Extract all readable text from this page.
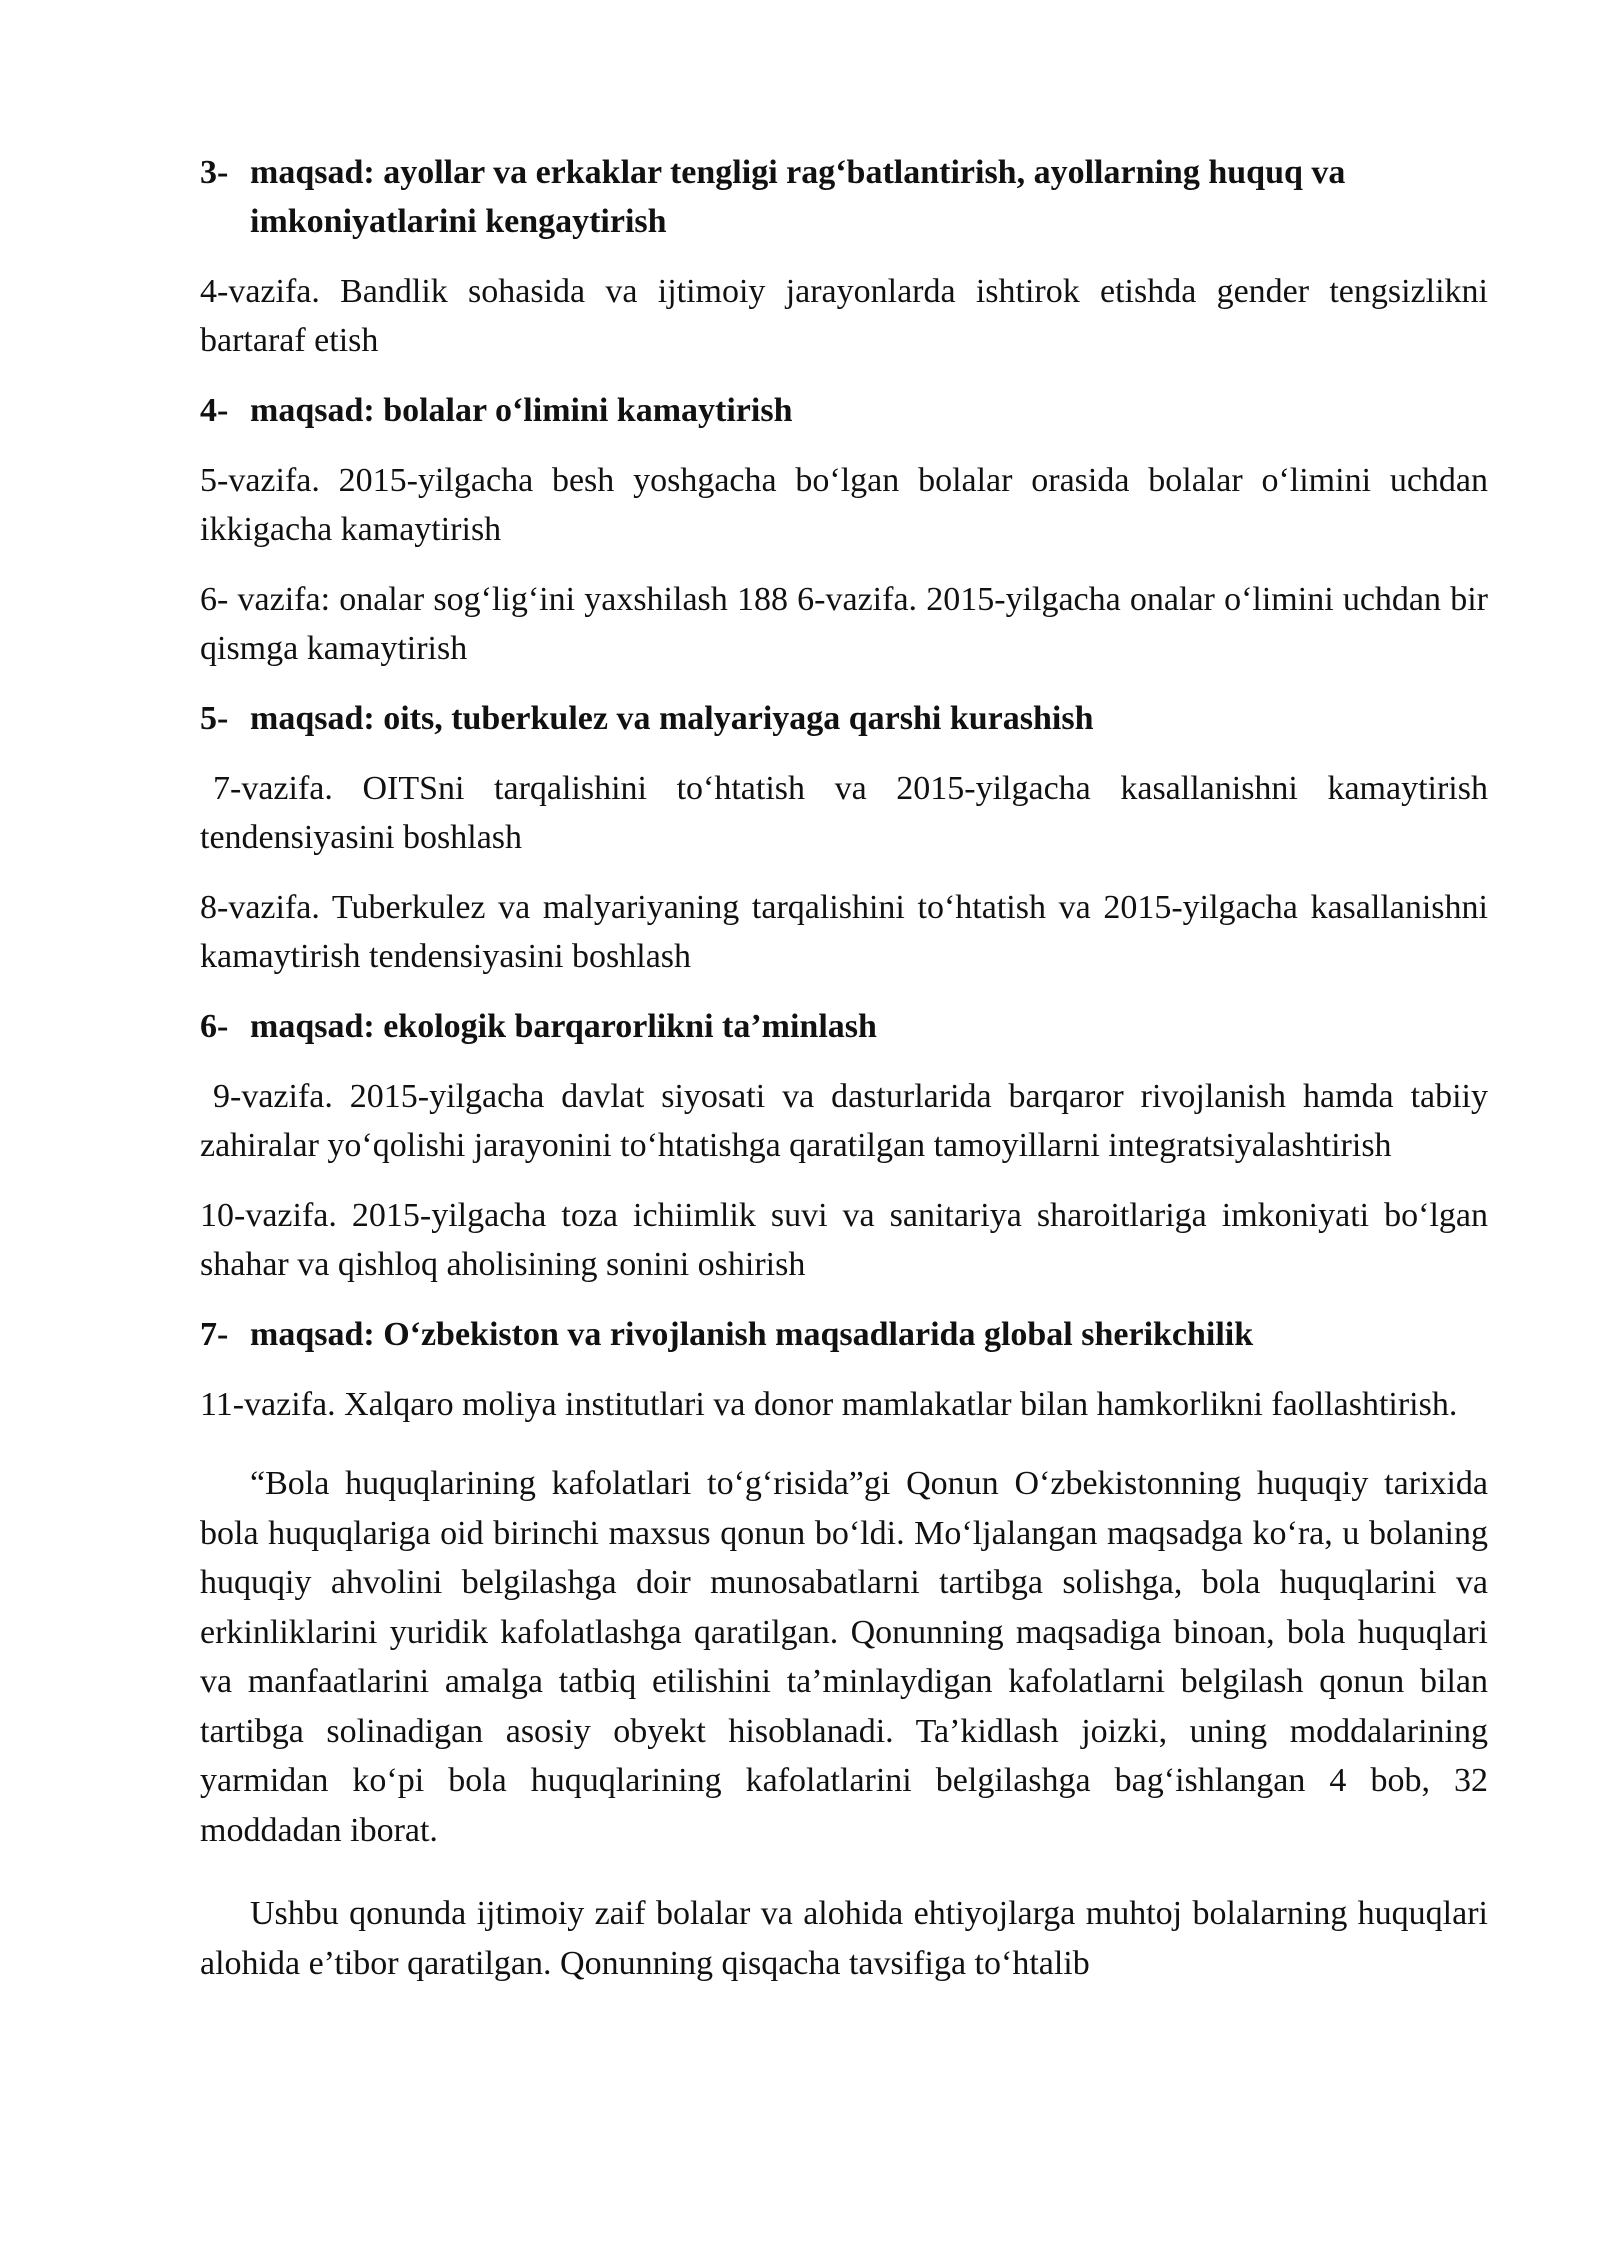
3- maqsad: ayollar va erkaklar tengligi rag‘batlantirish, ayollarning huquq va imkoniyatlarini kengaytirish
4-vazifa. Bandlik sohasida va ijtimoiy jarayonlarda ishtirok etishda gender tengsizlikni bartaraf etish
4- maqsad: bolalar o‘limini kamaytirish
5-vazifa. 2015-yilgacha besh yoshgacha bo‘lgan bolalar orasida bolalar o‘limini uchdan ikkigacha kamaytirish
6- vazifa: onalar sog‘lig‘ini yaxshilash 188 6-vazifa. 2015-yilgacha onalar o‘limini uchdan bir qismga kamaytirish
5- maqsad: oits, tuberkulez va malyariyaga qarshi kurashish
7-vazifa. OITSni tarqalishini to‘htatish va 2015-yilgacha kasallanishni kamaytirish tendensiyasini boshlash
8-vazifa. Tuberkulez va malyariyaning tarqalishini to‘htatish va 2015-yilgacha kasallanishni kamaytirish tendensiyasini boshlash
6- maqsad: ekologik barqarorlikni ta’minlash
9-vazifa. 2015-yilgacha davlat siyosati va dasturlarida barqaror rivojlanish hamda tabiiy zahiralar yo‘qolishi jarayonini to‘htatishga qaratilgan tamoyillarni integratsiyalashtirish
10-vazifa. 2015-yilgacha toza ichiimlik suvi va sanitariya sharoitlariga imkoniyati bo‘lgan shahar va qishloq aholisining sonini oshirish
7- maqsad: O‘zbekiston va rivojlanish maqsadlarida global sherikchilik
11-vazifa. Xalqaro moliya institutlari va donor mamlakatlar bilan hamkorlikni faollashtirish.

“Bola huquqlarining kafolatlari to‘g‘risida”gi Qonun O‘zbekistonning huquqiy tarixida bola huquqlariga oid birinchi maxsus qonun bo‘ldi. Mo‘ljalangan maqsadga ko‘ra, u bolaning huquqiy ahvolini belgilashga doir munosabatlarni tartibga solishga, bola huquqlarini va erkinliklarini yuridik kafolatlashga qaratilgan. Qonunning maqsadiga binoan, bola huquqlari va manfaatlarini amalga tatbiq etilishini ta’minlaydigan kafolatlarni belgilash qonun bilan tartibga solinadigan asosiy obyekt hisoblanadi. Ta’kidlash joizki, uning moddalarining yarmidan ko‘pi bola huquqlarining kafolatlarini belgilashga bag‘ishlangan 4 bob, 32 moddadan iborat.

Ushbu qonunda ijtimoiy zaif bolalar va alohida ehtiyojlarga muhtoj bolalarning huquqlari alohida e’tibor qaratilgan. Qonunning qisqacha tavsifiga to‘htalib
